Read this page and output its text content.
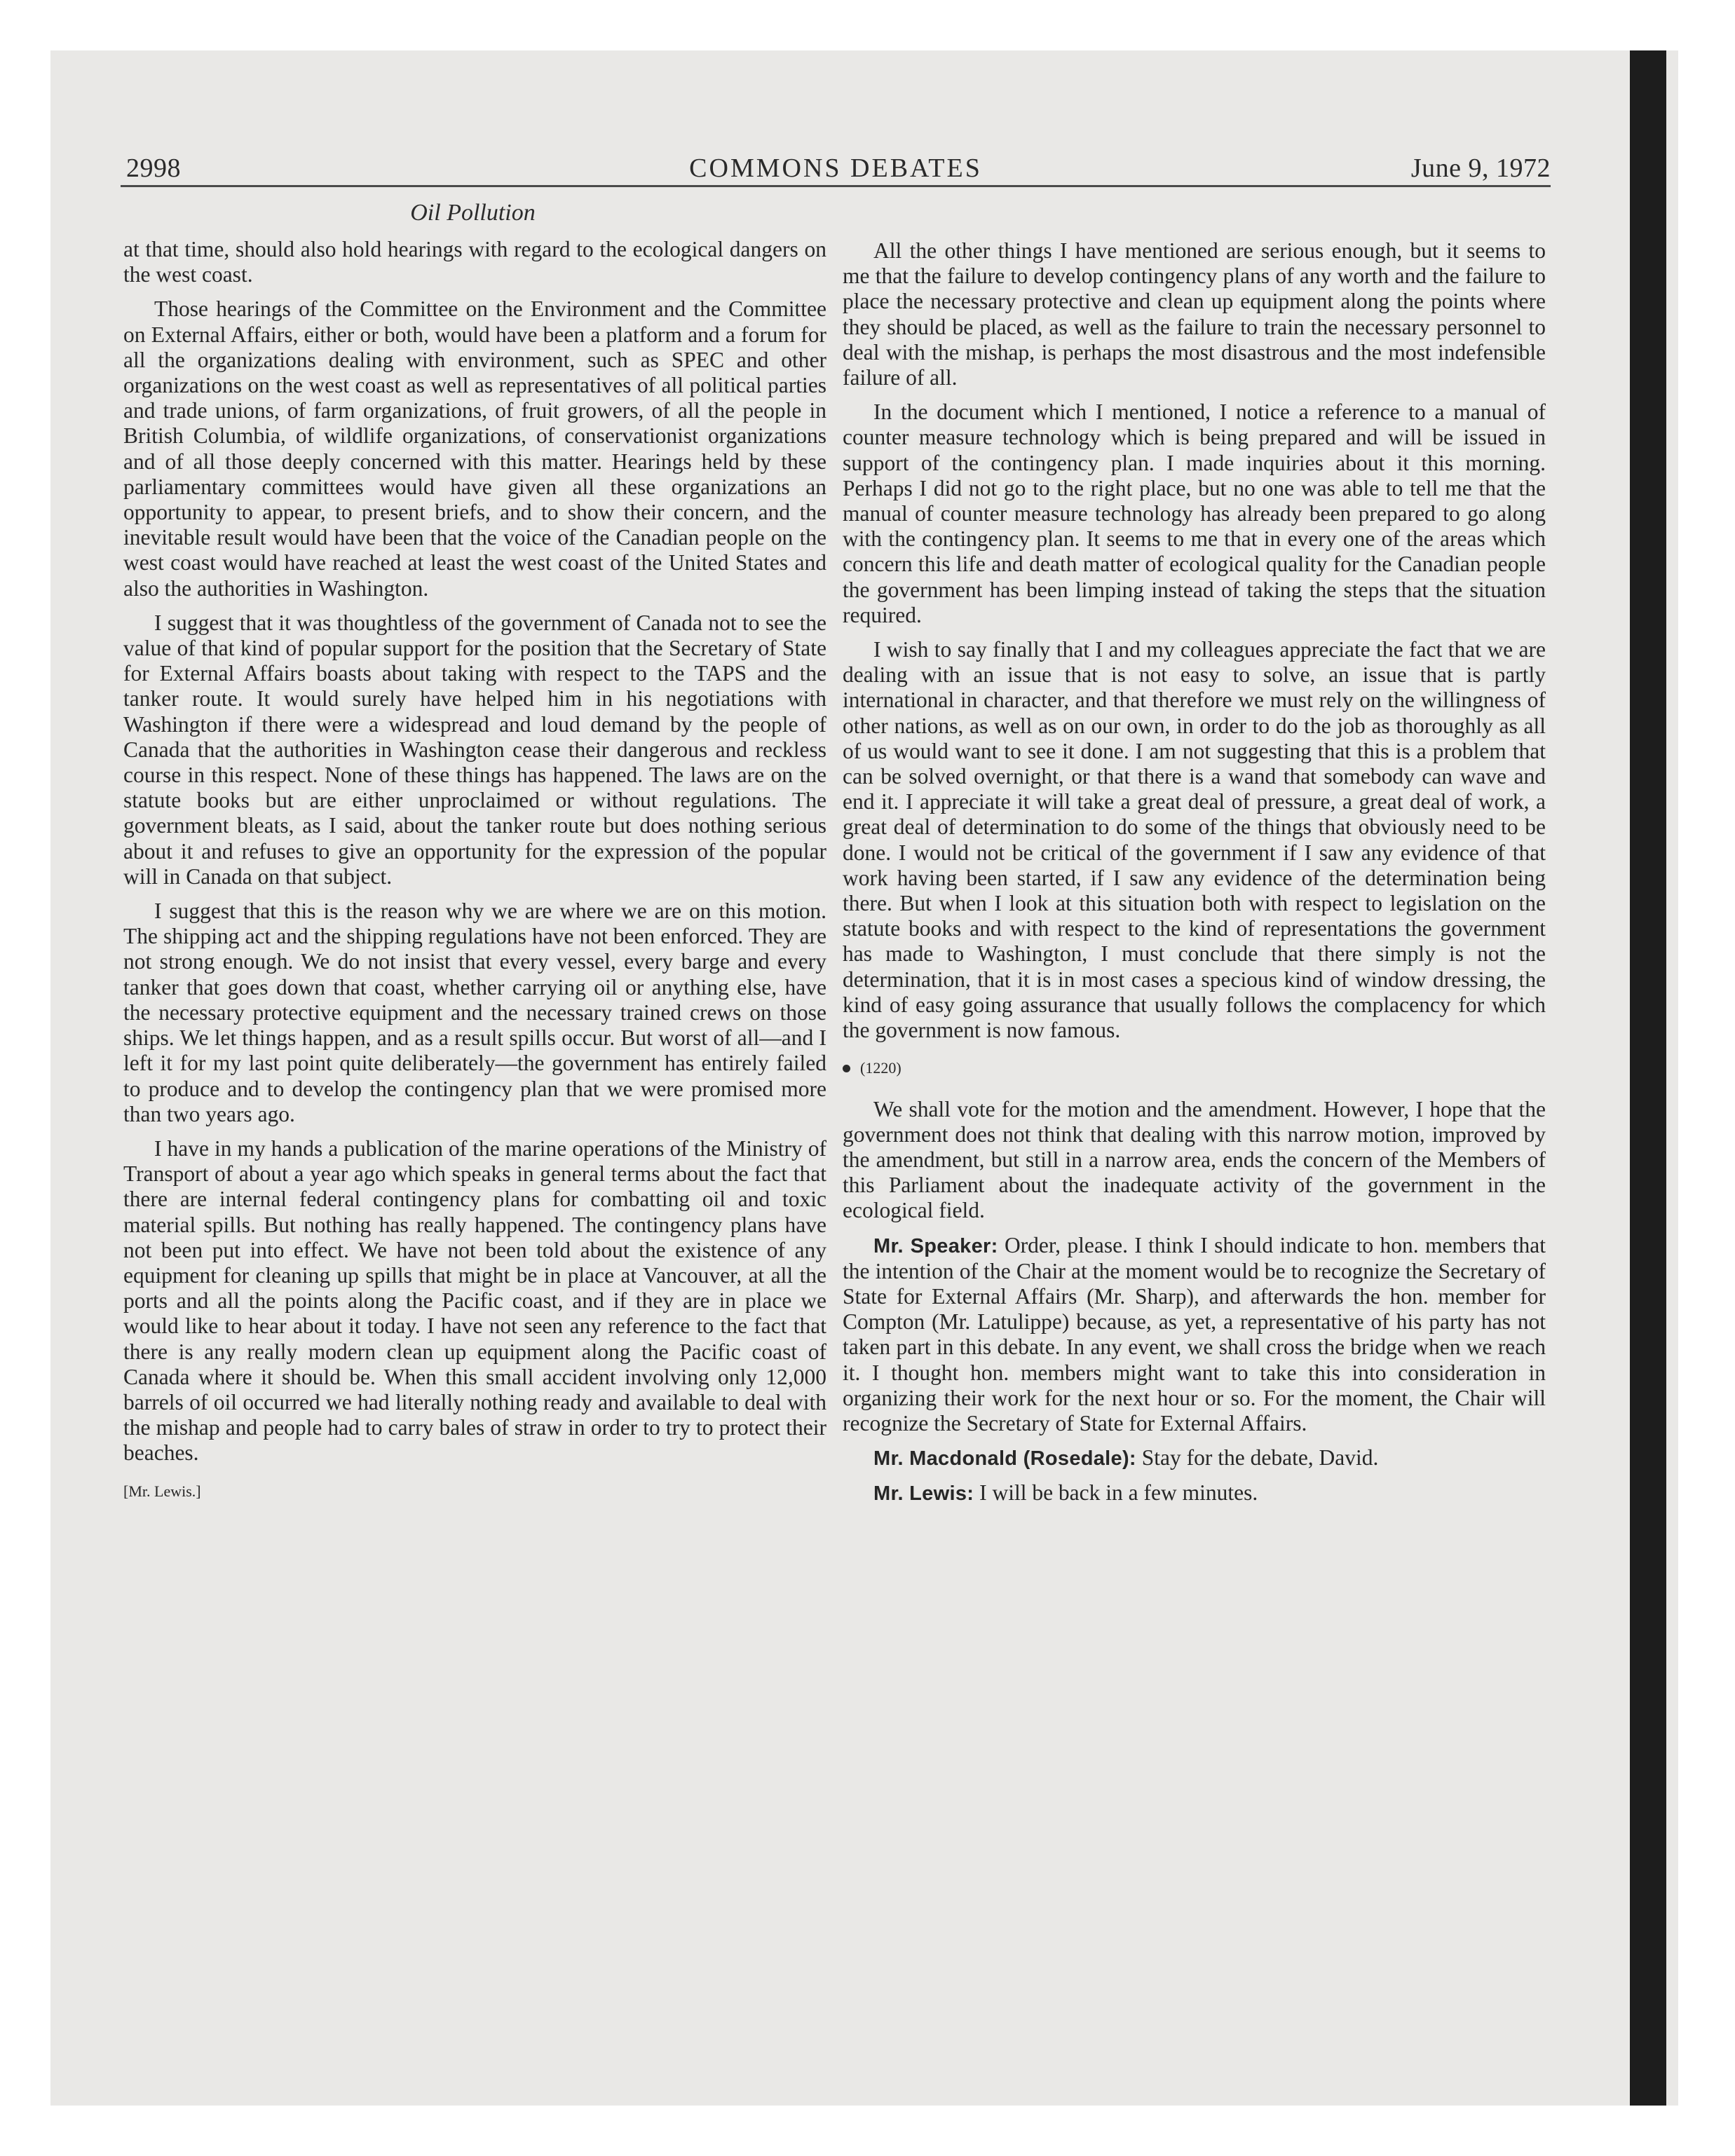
2998	COMMONS DEBATES	June 9, 1972
Oil Pollution

at that time, should also hold hearings with regard to the ecological dangers on the west coast.

Those hearings of the Committee on the Environment and the Committee on External Affairs, either or both, would have been a platform and a forum for all the organizations dealing with environment, such as SPEC and other organizations on the west coast as well as representatives of all political parties and trade unions, of farm organizations, of fruit growers, of all the people in British Columbia, of wildlife organizations, of conservationist organizations and of all those deeply concerned with this matter. Hearings held by these parliamentary committees would have given all these organizations an opportunity to appear, to present briefs, and to show their concern, and the inevitable result would have been that the voice of the Canadian people on the west coast would have reached at least the west coast of the United States and also the authorities in Washington.

I suggest that it was thoughtless of the government of Canada not to see the value of that kind of popular support for the position that the Secretary of State for External Affairs boasts about taking with respect to the TAPS and the tanker route. It would surely have helped him in his negotiations with Washington if there were a widespread and loud demand by the people of Canada that the authorities in Washington cease their dangerous and reckless course in this respect. None of these things has happened. The laws are on the statute books but are either unproclaimed or without regulations. The government bleats, as I said, about the tanker route but does nothing serious about it and refuses to give an opportunity for the expression of the popular will in Canada on that subject.

I suggest that this is the reason why we are where we are on this motion. The shipping act and the shipping regulations have not been enforced. They are not strong enough. We do not insist that every vessel, every barge and every tanker that goes down that coast, whether carrying oil or anything else, have the necessary protective equipment and the necessary trained crews on those ships. We let things happen, and as a result spills occur. But worst of all—and I left it for my last point quite deliberately—the government has entirely failed to produce and to develop the contingency plan that we were promised more than two years ago.

I have in my hands a publication of the marine operations of the Ministry of Transport of about a year ago which speaks in general terms about the fact that there are internal federal contingency plans for combatting oil and toxic material spills. But nothing has really happened. The contingency plans have not been put into effect. We have not been told about the existence of any equipment for cleaning up spills that might be in place at Vancouver, at all the ports and all the points along the Pacific coast, and if they are in place we would like to hear about it today. I have not seen any reference to the fact that there is any really modern clean up equipment along the Pacific coast of Canada where it should be. When this small accident involving only 12,000 barrels of oil occurred we had literally nothing ready and available to deal with the mishap and people had to carry bales of straw in order to try to protect their beaches.

[Mr. Lewis.]

All the other things I have mentioned are serious enough, but it seems to me that the failure to develop contingency plans of any worth and the failure to place the necessary protective and clean up equipment along the points where they should be placed, as well as the failure to train the necessary personnel to deal with the mishap, is perhaps the most disastrous and the most indefensible failure of all.

In the document which I mentioned, I notice a reference to a manual of counter measure technology which is being prepared and will be issued in support of the contingency plan. I made inquiries about it this morning. Perhaps I did not go to the right place, but no one was able to tell me that the manual of counter measure technology has already been prepared to go along with the contingency plan. It seems to me that in every one of the areas which concern this life and death matter of ecological quality for the Canadian people the government has been limping instead of taking the steps that the situation required.

I wish to say finally that I and my colleagues appreciate the fact that we are dealing with an issue that is not easy to solve, an issue that is partly international in character, and that therefore we must rely on the willingness of other nations, as well as on our own, in order to do the job as thoroughly as all of us would want to see it done. I am not suggesting that this is a problem that can be solved overnight, or that there is a wand that somebody can wave and end it. I appreciate it will take a great deal of pressure, a great deal of work, a great deal of determination to do some of the things that obviously need to be done. I would not be critical of the government if I saw any evidence of that work having been started, if I saw any evidence of the determination being there. But when I look at this situation both with respect to legislation on the statute books and with respect to the kind of representations the government has made to Washington, I must conclude that there simply is not the determination, that it is in most cases a specious kind of window dressing, the kind of easy going assurance that usually follows the complacency for which the government is now famous.

(1220)

We shall vote for the motion and the amendment. However, I hope that the government does not think that dealing with this narrow motion, improved by the amendment, but still in a narrow area, ends the concern of the Members of this Parliament about the inadequate activity of the government in the ecological field.

Mr. Speaker: Order, please. I think I should indicate to hon. members that the intention of the Chair at the moment would be to recognize the Secretary of State for External Affairs (Mr. Sharp), and afterwards the hon. member for Compton (Mr. Latulippe) because, as yet, a representative of his party has not taken part in this debate. In any event, we shall cross the bridge when we reach it. I thought hon. members might want to take this into consideration in organizing their work for the next hour or so. For the moment, the Chair will recognize the Secretary of State for External Affairs.

Mr. Macdonald (Rosedale): Stay for the debate, David.

Mr. Lewis: I will be back in a few minutes.
